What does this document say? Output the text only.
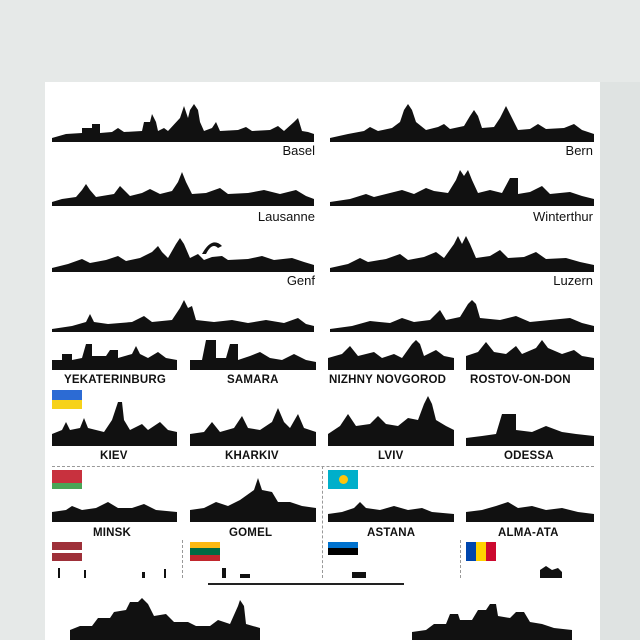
Basel	Bern
Lausanne	Winterthur
Genf	Luzern
YEKATERINBURG	SAMARA	NIZHNY NOVGOROD ROSTOV-ON-DON
KIEV	KHARKIV	LVIV	ODESSA
MINSK	GOMEL	ASTANA	ALMA-ATA
